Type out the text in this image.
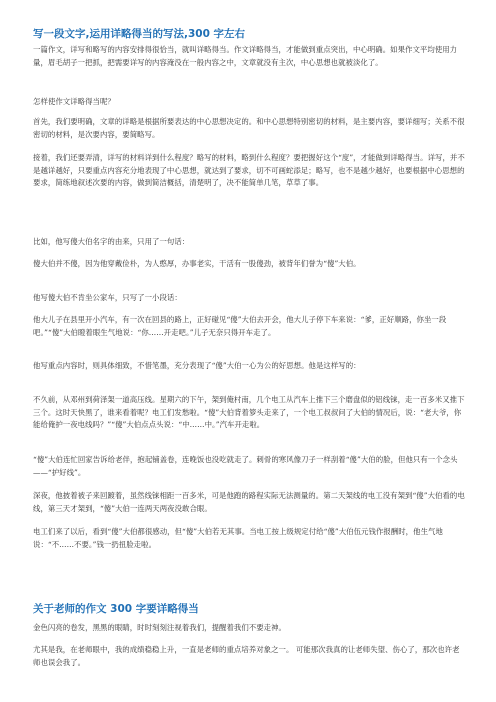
写一段文字,运用详略得当的写法,300 字左右

一篇作文，详写和略写的内容安排得很恰当，就叫详略得当。作文详略得当，才能做到重点突出，中心明确。如果作文平均使用力量，眉毛胡子一把抓，把需要详写的内容淹没在一般内容之中，文章就没有主次，中心思想也就被淡化了。

怎样使作文详略得当呢？

首先，我们要明确，文章的详略是根据所要表达的中心思想决定的。和中心思想特别密切的材料，是主要内容，要详细写；关系不很密切的材料，是次要内容，要简略写。

接着，我们还要弄清，详写的材料详到什么程度？略写的材料，略到什么程度？要把握好这个“度”，才能做到详略得当。详写，并不是越详越好，只要重点内容充分地表现了中心思想，就达到了要求，切不可画蛇添足；略写，也不是越少越好，也要根据中心思想的要求，简练地叙述次要的内容，做到简洁概括，清楚明了，决不能简单几笔，草草了事。

比如，他写傻大伯名字的由来，只用了一句话：

傻大伯并不傻，因为他穿戴俭朴，为人憨厚，办事老实，干活有一股傻劲，被背年们誉为“傻”大伯。

他写傻大伯不肯坐公家车，只写了一小段话：

他大儿子在县里开小汽车，有一次在回县的路上，正好碰见“傻”大伯去开会，他大儿子停下车来说：“爹，正好顺路，你坐一段吧。”“傻”大伯瞪着眼生气地说：“你……开走吧。”儿子无奈只得开车走了。

他写重点内容时，则具体细致，不惜笔墨，充分表现了“傻”大伯一心为公的好思想。他是这样写的：

不久前，从邓州到荷泽架一道高压线。星期六的下午，架到俺村南，几个电工从汽车上推下三个磨盘似的铝线铼，走一百多米又推下三个。这时天快黑了，谁来看着呢？电工们发愁啦。“傻”大伯背着箩头走来了，一个电工叔叔问了大伯的情况后，说：“老大爷，你能给俺护一夜电线吗？”“傻”大伯点点头说：“中……中。”汽车开走啦。

“傻”大伯连忙回家告诉给老伴，抱起铺盖卷，连晚饭也没吃就走了。刺骨的寒风像刀子一样刮着“傻”大伯的脸，但他只有一个念头——“护好线”。

深夜，他披着被子来回踱着，虽然线铼相距一百多米，可是他跑的路程实际无法测量的。第二天架线的电工没有架到“傻”大伯看的电线，第三天才架到，“傻”大伯一连两天两夜没敢合眼。

电工们来了以后，看到“傻”大伯都很感动，但“傻”大伯若无其事。当电工按上级规定付给“傻”大伯伍元钱作报酬时，他生气地说：“不……不要。”钱一扔扭脸走啦。

关于老师的作文 300 字要详略得当

金色闪亮的卷发，黑黑的眼睛，时时刻刻注视着我们，提醒着我们不要走神。

尤其是我，在老师眼中，我的成绩稳稳上升，一直是老师的重点培养对象之一。 可能那次我真的让老师失望、伤心了，那次也许老师也误会我了。
